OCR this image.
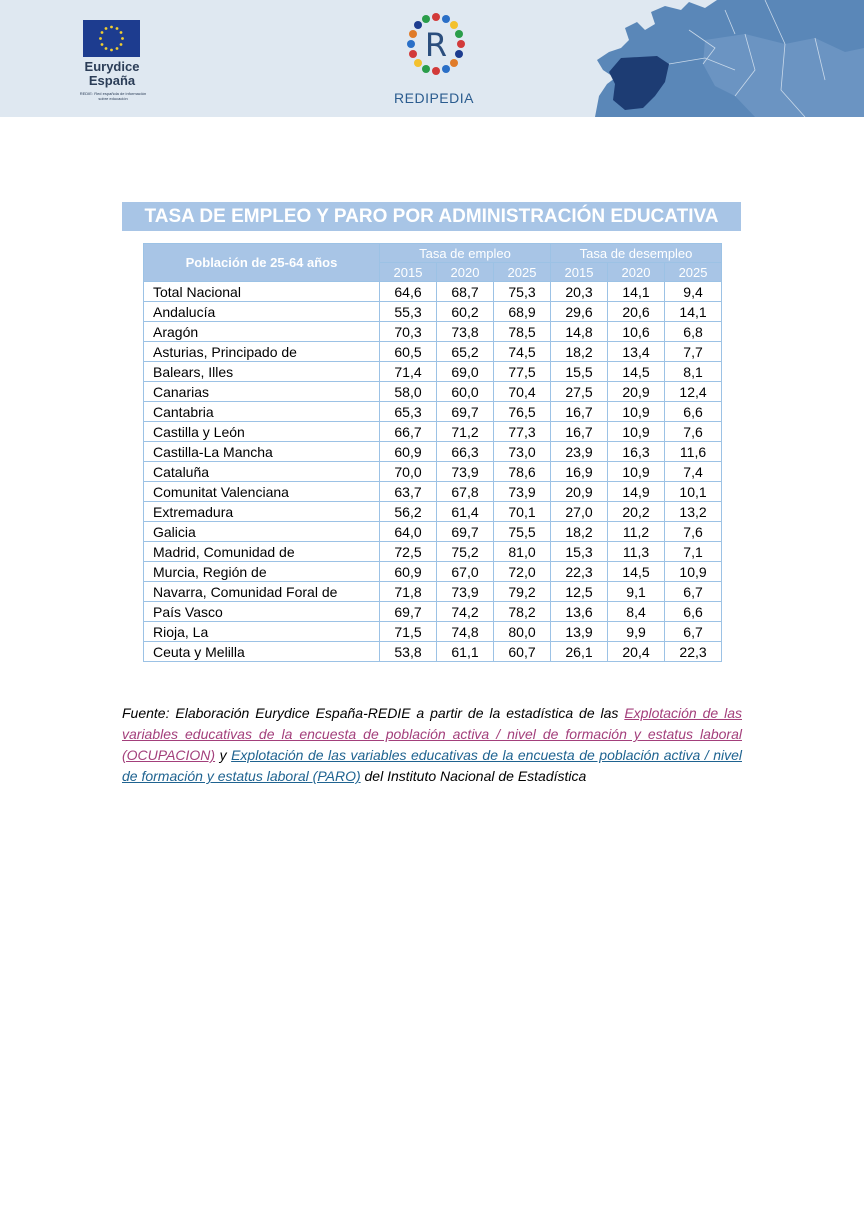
Eurydice
España
REDIE: Red española de información sobre educación
R
REDIPEDIA
TASA DE EMPLEO Y PARO POR ADMINISTRACIÓN EDUCATIVA
Población de 25-64 años	Tasa de empleo			Tasa de desempleo		
	2015	2020	2025	2015	2020	2025
Total Nacional	64,6	68,7	75,3	20,3	14,1	9,4
Andalucía	55,3	60,2	68,9	29,6	20,6	14,1
Aragón	70,3	73,8	78,5	14,8	10,6	6,8
Asturias, Principado de	60,5	65,2	74,5	18,2	13,4	7,7
Balears, Illes	71,4	69,0	77,5	15,5	14,5	8,1
Canarias	58,0	60,0	70,4	27,5	20,9	12,4
Cantabria	65,3	69,7	76,5	16,7	10,9	6,6
Castilla y León	66,7	71,2	77,3	16,7	10,9	7,6
Castilla-La Mancha	60,9	66,3	73,0	23,9	16,3	11,6
Cataluña	70,0	73,9	78,6	16,9	10,9	7,4
Comunitat Valenciana	63,7	67,8	73,9	20,9	14,9	10,1
Extremadura	56,2	61,4	70,1	27,0	20,2	13,2
Galicia	64,0	69,7	75,5	18,2	11,2	7,6
Madrid, Comunidad de	72,5	75,2	81,0	15,3	11,3	7,1
Murcia, Región de	60,9	67,0	72,0	22,3	14,5	10,9
Navarra, Comunidad Foral de	71,8	73,9	79,2	12,5	9,1	6,7
País Vasco	69,7	74,2	78,2	13,6	8,4	6,6
Rioja, La	71,5	74,8	80,0	13,9	9,9	6,7
Ceuta y Melilla	53,8	61,1	60,7	26,1	20,4	22,3
Fuente: Elaboración Eurydice España-REDIE a partir de la estadística de las Explotación de las variables educativas de la encuesta de población activa / nivel de formación y estatus laboral (OCUPACION) y Explotación de las variables educativas de la encuesta de población activa / nivel de formación y estatus laboral (PARO) del Instituto Nacional de Estadística
